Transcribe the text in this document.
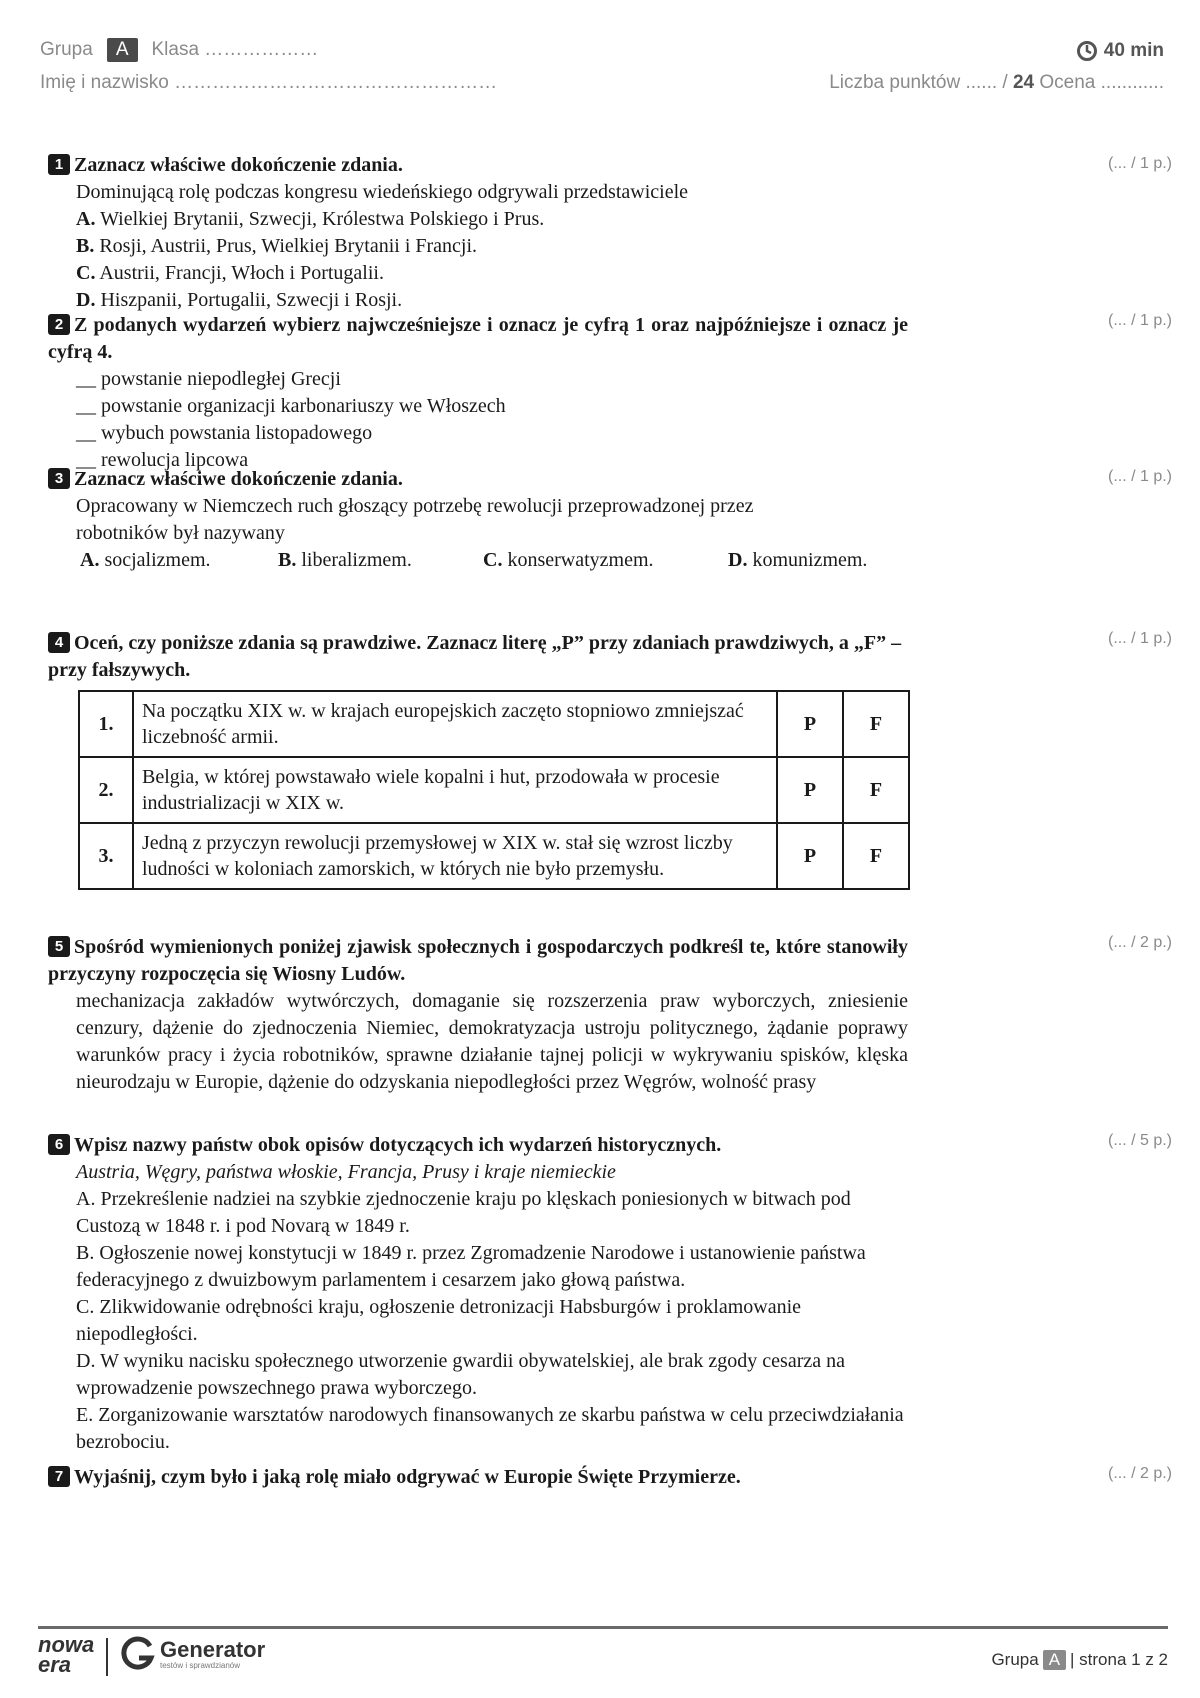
Grupa	A	Klasa ………………
Imię i nazwisko ……………………………………………
40 min
Liczba punktów ...... / 24 Ocena ............
1 Zaznacz właściwe dokończenie zdania.
Dominującą rolę podczas kongresu wiedeńskiego odgrywali przedstawiciele
A. Wielkiej Brytanii, Szwecji, Królestwa Polskiego i Prus.
B. Rosji, Austrii, Prus, Wielkiej Brytanii i Francji.
C. Austrii, Francji, Włoch i Portugalii.
D. Hiszpanii, Portugalii, Szwecji i Rosji.
(... / 1 p.)
2 Z podanych wydarzeń wybierz najwcześniejsze i oznacz je cyfrą 1 oraz najpóźniejsze i oznacz je cyfrą 4.
__ powstanie niepodległej Grecji
__ powstanie organizacji karbonariuszy we Włoszech
__ wybuch powstania listopadowego
__ rewolucja lipcowa
(... / 1 p.)
3 Zaznacz właściwe dokończenie zdania.
Opracowany w Niemczech ruch głoszący potrzebę rewolucji przeprowadzonej przez robotników był nazywany
A. socjalizmem.	B. liberalizmem.	C. konserwatyzmem.	D. komunizmem.
(... / 1 p.)
4 Oceń, czy poniższe zdania są prawdziwe. Zaznacz literę „P” przy zdaniach prawdziwych, a „F” – przy fałszywych.
(... / 1 p.)
1.	Na początku XIX w. w krajach europejskich zaczęto stopniowo zmniejszać liczebność armii.	P	F
2.	Belgia, w której powstawało wiele kopalni i hut, przodowała w procesie industrializacji w XIX w.	P	F
3.	Jedną z przyczyn rewolucji przemysłowej w XIX w. stał się wzrost liczby ludności w koloniach zamorskich, w których nie było przemysłu.	P	F
5 Spośród wymienionych poniżej zjawisk społecznych i gospodarczych podkreśl te, które stanowiły przyczyny rozpoczęcia się Wiosny Ludów.
mechanizacja zakładów wytwórczych, domaganie się rozszerzenia praw wyborczych, zniesienie cenzury, dążenie do zjednoczenia Niemiec, demokratyzacja ustroju politycznego, żądanie poprawy warunków pracy i życia robotników, sprawne działanie tajnej policji w wykrywaniu spisków, klęska nieurodzaju w Europie, dążenie do odzyskania niepodległości przez Węgrów, wolność prasy
(... / 2 p.)
6 Wpisz nazwy państw obok opisów dotyczących ich wydarzeń historycznych.
Austria, Węgry, państwa włoskie, Francja, Prusy i kraje niemieckie
A. Przekreślenie nadziei na szybkie zjednoczenie kraju po klęskach poniesionych w bitwach pod Custozą w 1848 r. i pod Novarą w 1849 r.
B. Ogłoszenie nowej konstytucji w 1849 r. przez Zgromadzenie Narodowe i ustanowienie państwa federacyjnego z dwuizbowym parlamentem i cesarzem jako głową państwa.
C. Zlikwidowanie odrębności kraju, ogłoszenie detronizacji Habsburgów i proklamowanie niepodległości.
D. W wyniku nacisku społecznego utworzenie gwardii obywatelskiej, ale brak zgody cesarza na wprowadzenie powszechnego prawa wyborczego.
E. Zorganizowanie warsztatów narodowych finansowanych ze skarbu państwa w celu przeciwdziałania bezrobociu.
(... / 5 p.)
7 Wyjaśnij, czym było i jaką rolę miało odgrywać w Europie Święte Przymierze.	(... / 2 p.)
nowa
era
Generator
testów i sprawdzianów	Grupa A | strona 1 z 2
